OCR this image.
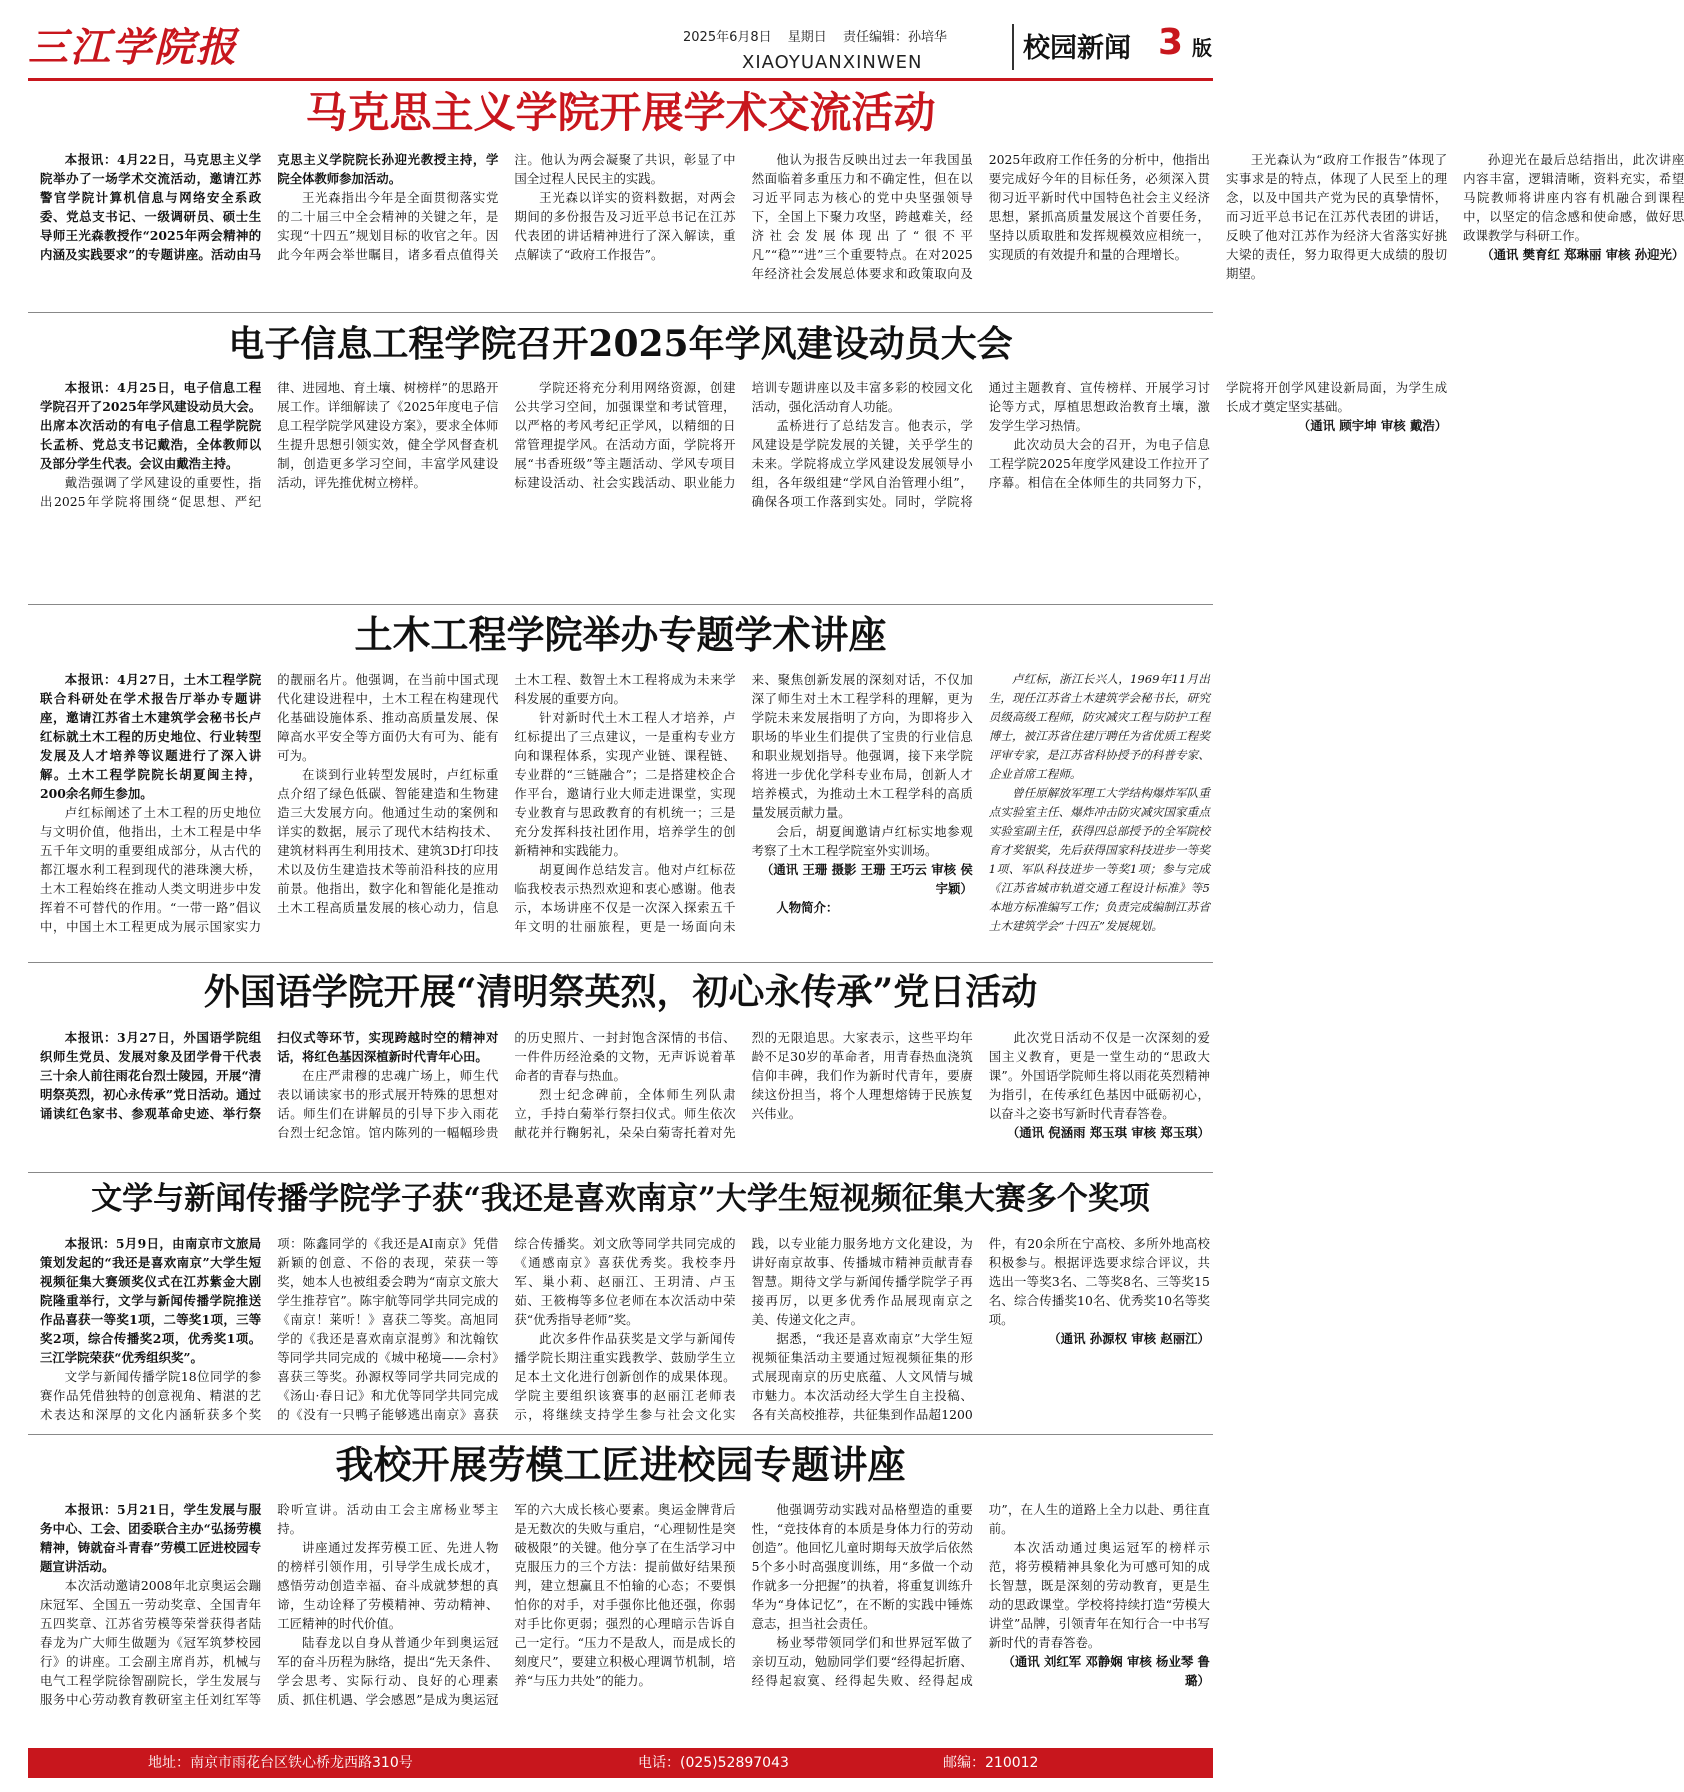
三江学院报	2025年6月8日 星期日 责任编辑：孙培华
XIAOYUANXINWEN	校园新闻 3 版
马克思主义学院开展学术交流活动

本报讯：4月22日，马克思主义学院举办了一场学术交流活动，邀请江苏警官学院计算机信息与网络安全系政委、党总支书记、一级调研员、硕士生导师王光森教授作“2025年两会精神的内涵及实践要求”的专题讲座。活动由马克思主义学院院长孙迎光教授主持，学院全体教师参加活动。

王光森指出今年是全面贯彻落实党的二十届三中全会精神的关键之年，是实现“十四五”规划目标的收官之年。因此今年两会举世瞩目，诸多看点值得关注。他认为两会凝聚了共识，彰显了中国全过程人民民主的实践。

王光森以详实的资料数据，对两会期间的多份报告及习近平总书记在江苏代表团的讲话精神进行了深入解读，重点解读了“政府工作报告”。

他认为报告反映出过去一年我国虽然面临着多重压力和不确定性，但在以习近平同志为核心的党中央坚强领导下，全国上下聚力攻坚，跨越难关，经济社会发展体现出了“很不平凡”“稳”“进”三个重要特点。在对2025年经济社会发展总体要求和政策取向及2025年政府工作任务的分析中，他指出要完成好今年的目标任务，必须深入贯彻习近平新时代中国特色社会主义经济思想，紧抓高质量发展这个首要任务，坚持以质取胜和发挥规模效应相统一，实现质的有效提升和量的合理增长。

王光森认为“政府工作报告”体现了实事求是的特点，体现了人民至上的理念，以及中国共产党为民的真挚情怀，而习近平总书记在江苏代表团的讲话，反映了他对江苏作为经济大省落实好挑大梁的责任，努力取得更大成绩的殷切期望。

孙迎光在最后总结指出，此次讲座内容丰富，逻辑清晰，资料充实，希望马院教师将讲座内容有机融合到课程中，以坚定的信念感和使命感，做好思政课教学与科研工作。

（通讯 樊育红 郑琳丽 审核 孙迎光）

电子信息工程学院召开2025年学风建设动员大会

本报讯：4月25日，电子信息工程学院召开了2025年学风建设动员大会。出席本次活动的有电子信息工程学院院长孟桥、党总支书记戴浩，全体教师以及部分学生代表。会议由戴浩主持。

戴浩强调了学风建设的重要性，指出2025年学院将围绕“促思想、严纪律、进园地、育土壤、树榜样”的思路开展工作。详细解读了《2025年度电子信息工程学院学风建设方案》，要求全体师生提升思想引领实效，健全学风督查机制，创造更多学习空间，丰富学风建设活动，评先推优树立榜样。

学院还将充分利用网络资源，创建公共学习空间，加强课堂和考试管理，以严格的考风考纪正学风，以精细的日常管理提学风。在活动方面，学院将开展“书香班级”等主题活动、学风专项目标建设活动、社会实践活动、职业能力培训专题讲座以及丰富多彩的校园文化活动，强化活动育人功能。

孟桥进行了总结发言。他表示，学风建设是学院发展的关键，关乎学生的未来。学院将成立学风建设发展领导小组，各年级组建“学风自治管理小组”，确保各项工作落到实处。同时，学院将通过主题教育、宣传榜样、开展学习讨论等方式，厚植思想政治教育土壤，激发学生学习热情。

此次动员大会的召开，为电子信息工程学院2025年度学风建设工作拉开了序幕。相信在全体师生的共同努力下，学院将开创学风建设新局面，为学生成长成才奠定坚实基础。

（通讯 顾宇坤 审核 戴浩）

土木工程学院举办专题学术讲座

本报讯：4月27日，土木工程学院联合科研处在学术报告厅举办专题讲座，邀请江苏省土木建筑学会秘书长卢红标就土木工程的历史地位、行业转型发展及人才培养等议题进行了深入讲解。土木工程学院院长胡夏闽主持，200余名师生参加。

卢红标阐述了土木工程的历史地位与文明价值，他指出，土木工程是中华五千年文明的重要组成部分，从古代的都江堰水利工程到现代的港珠澳大桥，土木工程始终在推动人类文明进步中发挥着不可替代的作用。“一带一路”倡议中，中国土木工程更成为展示国家实力的靓丽名片。他强调，在当前中国式现代化建设进程中，土木工程在构建现代化基础设施体系、推动高质量发展、保障高水平安全等方面仍大有可为、能有可为。

在谈到行业转型发展时，卢红标重点介绍了绿色低碳、智能建造和生物建造三大发展方向。他通过生动的案例和详实的数据，展示了现代木结构技术、建筑材料再生利用技术、建筑3D打印技术以及仿生建造技术等前沿科技的应用前景。他指出，数字化和智能化是推动土木工程高质量发展的核心动力，信息土木工程、数智土木工程将成为未来学科发展的重要方向。

针对新时代土木工程人才培养，卢红标提出了三点建议，一是重构专业方向和课程体系，实现产业链、课程链、专业群的“三链融合”；二是搭建校企合作平台，邀请行业大师走进课堂，实现专业教育与思政教育的有机统一；三是充分发挥科技社团作用，培养学生的创新精神和实践能力。

胡夏闽作总结发言。他对卢红标莅临我校表示热烈欢迎和衷心感谢。他表示，本场讲座不仅是一次深入探索五千年文明的壮丽旅程，更是一场面向未来、聚焦创新发展的深刻对话，不仅加深了师生对土木工程学科的理解，更为学院未来发展指明了方向，为即将步入职场的毕业生们提供了宝贵的行业信息和职业规划指导。他强调，接下来学院将进一步优化学科专业布局，创新人才培养模式，为推动土木工程学科的高质量发展贡献力量。

会后，胡夏闽邀请卢红标实地参观考察了土木工程学院室外实训场。

（通讯 王珊 摄影 王珊 王巧云 审核 侯宇颖）

人物简介：

卢红标，浙江长兴人，1969年11月出生，现任江苏省土木建筑学会秘书长，研究员级高级工程师，防灾减灾工程与防护工程博士，被江苏省住建厅聘任为省优质工程奖评审专家，是江苏省科协授予的科普专家、企业首席工程师。

曾任原解放军理工大学结构爆炸军队重点实验室主任、爆炸冲击防灾减灾国家重点实验室副主任，获得四总部授予的全军院校育才奖银奖，先后获得国家科技进步一等奖1项、军队科技进步一等奖1项；参与完成《江苏省城市轨道交通工程设计标准》等5本地方标准编写工作；负责完成编制江苏省土木建筑学会“十四五”发展规划。

外国语学院开展“清明祭英烈，初心永传承”党日活动

本报讯：3月27日，外国语学院组织师生党员、发展对象及团学骨干代表三十余人前往雨花台烈士陵园，开展“清明祭英烈，初心永传承”党日活动。通过诵读红色家书、参观革命史迹、举行祭扫仪式等环节，实现跨越时空的精神对话，将红色基因深植新时代青年心田。

在庄严肃穆的忠魂广场上，师生代表以诵读家书的形式展开特殊的思想对话。师生们在讲解员的引导下步入雨花台烈士纪念馆。馆内陈列的一幅幅珍贵的历史照片、一封封饱含深情的书信、一件件历经沧桑的文物，无声诉说着革命者的青春与热血。

烈士纪念碑前，全体师生列队肃立，手持白菊举行祭扫仪式。师生依次献花并行鞠躬礼，朵朵白菊寄托着对先烈的无限追思。大家表示，这些平均年龄不足30岁的革命者，用青春热血浇筑信仰丰碑，我们作为新时代青年，要赓续这份担当，将个人理想熔铸于民族复兴伟业。

此次党日活动不仅是一次深刻的爱国主义教育，更是一堂生动的“思政大课”。外国语学院师生将以雨花英烈精神为指引，在传承红色基因中砥砺初心，以奋斗之姿书写新时代青春答卷。

（通讯 倪涵雨 郑玉琪 审核 郑玉琪）

文学与新闻传播学院学子获“我还是喜欢南京”大学生短视频征集大赛多个奖项

本报讯：5月9日，由南京市文旅局策划发起的“我还是喜欢南京”大学生短视频征集大赛颁奖仪式在江苏紫金大剧院隆重举行，文学与新闻传播学院推送作品喜获一等奖1项，二等奖1项，三等奖2项，综合传播奖2项，优秀奖1项。三江学院荣获“优秀组织奖”。

文学与新闻传播学院18位同学的参赛作品凭借独特的创意视角、精湛的艺术表达和深厚的文化内涵斩获多个奖项：陈鑫同学的《我还是AI南京》凭借新颖的创意、不俗的表现，荣获一等奖，她本人也被组委会聘为“南京文旅大学生推荐官”。陈宇航等同学共同完成的《南京！莱听！》喜获二等奖。高旭同学的《我还是喜欢南京混剪》和沈翰钦等同学共同完成的《城中秘境——佘村》喜获三等奖。孙源权等同学共同完成的《汤山·春日记》和尤优等同学共同完成的《没有一只鸭子能够逃出南京》喜获综合传播奖。刘文欣等同学共同完成的《通感南京》喜获优秀奖。我校李丹军、巢小莉、赵丽江、王玥清、卢玉茹、王筱梅等多位老师在本次活动中荣获“优秀指导老师”奖。

此次多件作品获奖是文学与新闻传播学院长期注重实践教学、鼓励学生立足本土文化进行创新创作的成果体现。学院主要组织该赛事的赵丽江老师表示，将继续支持学生参与社会文化实践，以专业能力服务地方文化建设，为讲好南京故事、传播城市精神贡献青春智慧。期待文学与新闻传播学院学子再接再厉，以更多优秀作品展现南京之美、传递文化之声。

据悉，“我还是喜欢南京”大学生短视频征集活动主要通过短视频征集的形式展现南京的历史底蕴、人文风情与城市魅力。本次活动经大学生自主投稿、各有关高校推荐，共征集到作品超1200件，有20余所在宁高校、多所外地高校积极参与。根据评选要求综合评议，共选出一等奖3名、二等奖8名、三等奖15名、综合传播奖10名、优秀奖10名等奖项。

（通讯 孙源权 审核 赵丽江）

我校开展劳模工匠进校园专题讲座

本报讯：5月21日，学生发展与服务中心、工会、团委联合主办“弘扬劳模精神，铸就奋斗青春”劳模工匠进校园专题宣讲活动。

本次活动邀请2008年北京奥运会蹦床冠军、全国五一劳动奖章、全国青年五四奖章、江苏省劳模等荣誉获得者陆春龙为广大师生做题为《冠军筑梦校园行》的讲座。工会副主席肖苏，机械与电气工程学院徐智副院长，学生发展与服务中心劳动教育教研室主任刘红军等聆听宣讲。活动由工会主席杨业琴主持。

讲座通过发挥劳模工匠、先进人物的榜样引领作用，引导学生成长成才，感悟劳动创造幸福、奋斗成就梦想的真谛，生动诠释了劳模精神、劳动精神、工匠精神的时代价值。

陆春龙以自身从普通少年到奥运冠军的奋斗历程为脉络，提出“先天条件、学会思考、实际行动、良好的心理素质、抓住机遇、学会感恩”是成为奥运冠军的六大成长核心要素。奥运金牌背后是无数次的失败与重启，“心理韧性是突破极限”的关键。他分享了在生活学习中克服压力的三个方法：提前做好结果预判，建立想赢且不怕输的心态；不要惧怕你的对手，对手强你比他还强，你弱对手比你更弱；强烈的心理暗示告诉自己一定行。“压力不是敌人，而是成长的刻度尺”，要建立积极心理调节机制，培养“与压力共处”的能力。

他强调劳动实践对品格塑造的重要性，“竞技体育的本质是身体力行的劳动创造”。他回忆儿童时期每天放学后依然5个多小时高强度训练，用“多做一个动作就多一分把握”的执着，将重复训练升华为“身体记忆”，在不断的实践中锤炼意志，担当社会责任。

杨业琴带领同学们和世界冠军做了亲切互动，勉励同学们要“经得起折磨、经得起寂寞、经得起失败、经得起成功”，在人生的道路上全力以赴、勇往直前。

本次活动通过奥运冠军的榜样示范，将劳模精神具象化为可感可知的成长智慧，既是深刻的劳动教育，更是生动的思政课堂。学校将持续打造“劳模大讲堂”品牌，引领青年在知行合一中书写新时代的青春答卷。

（通讯 刘红军 邓静娴 审核 杨业琴 鲁璐）

地址：南京市雨花台区铁心桥龙西路310号	电话：(025)52897043	邮编：210012
